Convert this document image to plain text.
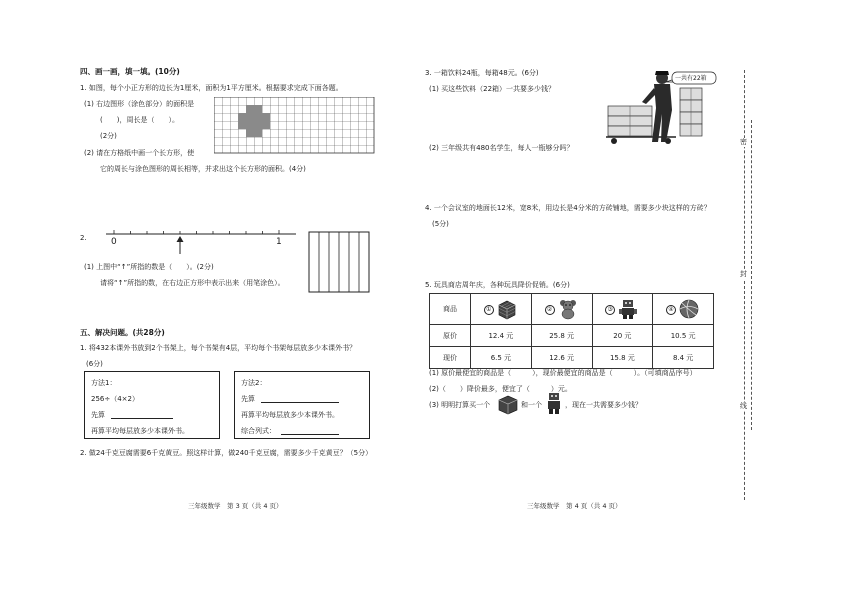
四、画一画，填一填。(10分)
1. 如图，每个小正方形的边长为1厘米，面积为1平方厘米。根据要求完成下面各题。
(1) 右边图形（涂色部分）的面积是
(　　)，周长是（　　）。
(2分)
(2) 请在方格纸中画一个长方形，使
它的周长与涂色图形的周长相等，并求出这个长方形的面积。(4分)
2.	0	1
(1) 上图中“↑”所指的数是（　　）。(2分)
请将“↑”所指的数，在右边正方形中表示出来（用笔涂色）。
五、解决问题。(共28分)
1. 将432本课外书放到2个书架上，每个书架有4层，平均每个书架每层放多少本课外书？
(6分)
方法1：
256÷（4×2）
先算
再算平均每层放多少本课外书。
方法2：
先算
再算平均每层放多少本课外书。
综合列式：
2. 做24千克豆腐需要6千克黄豆。照这样计算，做240千克豆腐，需要多少千克黄豆？（5分）
三年级数学　第 3 页（共 4 页）
3. 一箱饮料24瓶，每箱48元。(6分)
(1) 买这些饮料（22箱）一共要多少钱？
一共有22箱
(2) 三年级共有480名学生，每人一瓶够分吗？
4. 一个会议室的地面长12米，宽8米，用边长是4分米的方砖铺地，需要多少块这样的方砖？
(5分)
5. 玩具商店周年庆，各种玩具降价促销。(6分)
商品	①	②	③	④
原价	12.4 元	25.8 元	20 元	10.5 元
现价	6.5 元	12.6 元	15.8 元	8.4 元
(1) 原价最便宜的商品是（　　　），现价最便宜的商品是（　　　）。（可填商品序号）
(2)（　　）降价最多，便宜了（　　　）元。
(3) 明明打算买一个	和一个	，现在一共需要多少钱？
三年级数学　第 4 页（共 4 页）
密
封
线
